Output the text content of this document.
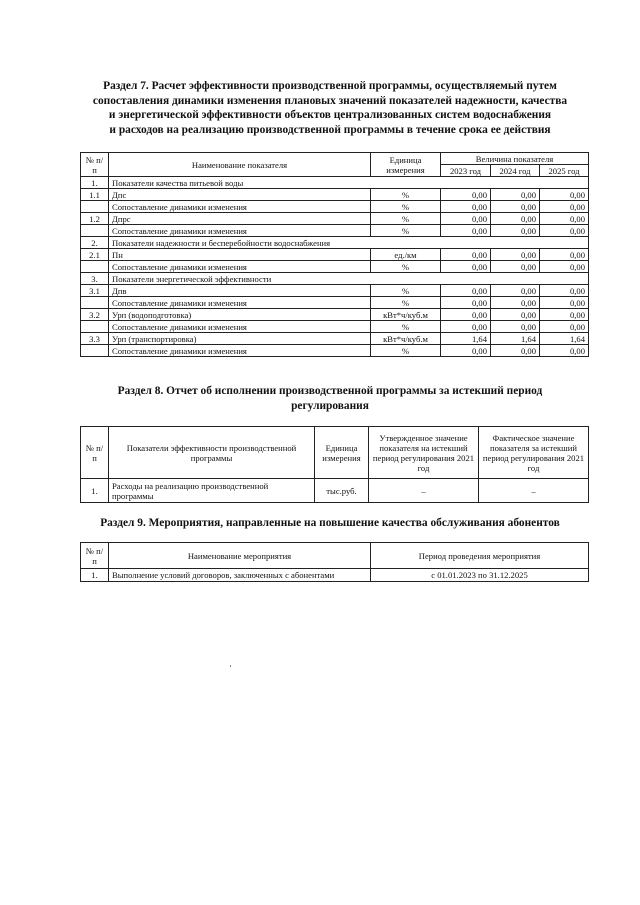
Раздел 7. Расчет эффективности производственной программы, осуществляемый путем
сопоставления динамики изменения плановых значений показателей надежности, качества
и энергетической эффективности объектов централизованных систем водоснабжения
и расходов на реализацию производственной программы в течение срока ее действия
№ п/п	Наименование показателя	Единица измерения	Величина показателя		
			2023 год	2024 год	2025 год
1.	Показатели качества питьевой воды				
1.1	Дпс	%	0,00	0,00	0,00
	Сопоставление динамики изменения	%	0,00	0,00	0,00
1.2	Дпрс	%	0,00	0,00	0,00
	Сопоставление динамики изменения	%	0,00	0,00	0,00
2.	Показатели надежности и бесперебойности водоснабжения				
2.1	Пн	ед./км	0,00	0,00	0,00
	Сопоставление динамики изменения	%	0,00	0,00	0,00
3.	Показатели энергетической эффективности				
3.1	Дпв	%	0,00	0,00	0,00
	Сопоставление динамики изменения	%	0,00	0,00	0,00
3.2	Урп (водоподготовка)	кВт*ч/куб.м	0,00	0,00	0,00
	Сопоставление динамики изменения	%	0,00	0,00	0,00
3.3	Урп (транспортировка)	кВт*ч/куб.м	1,64	1,64	1,64
	Сопоставление динамики изменения	%	0,00	0,00	0,00
Раздел 8. Отчет об исполнении производственной программы за истекший период
регулирования
№ п/п	Показатели эффективности производственной программы	Единица измерения	Утвержденное значение показателя на истекший период регулирования 2021 год	Фактическое значение показателя за истекший период регулирования 2021 год
1.	Расходы на реализацию производственной программы	тыс.руб.	–	–
Раздел 9. Мероприятия, направленные на повышение качества обслуживания абонентов
№ п/п	Наименование мероприятия	Период проведения мероприятия
1.	Выполнение условий договоров, заключенных с абонентами	с 01.01.2023 по 31.12.2025
